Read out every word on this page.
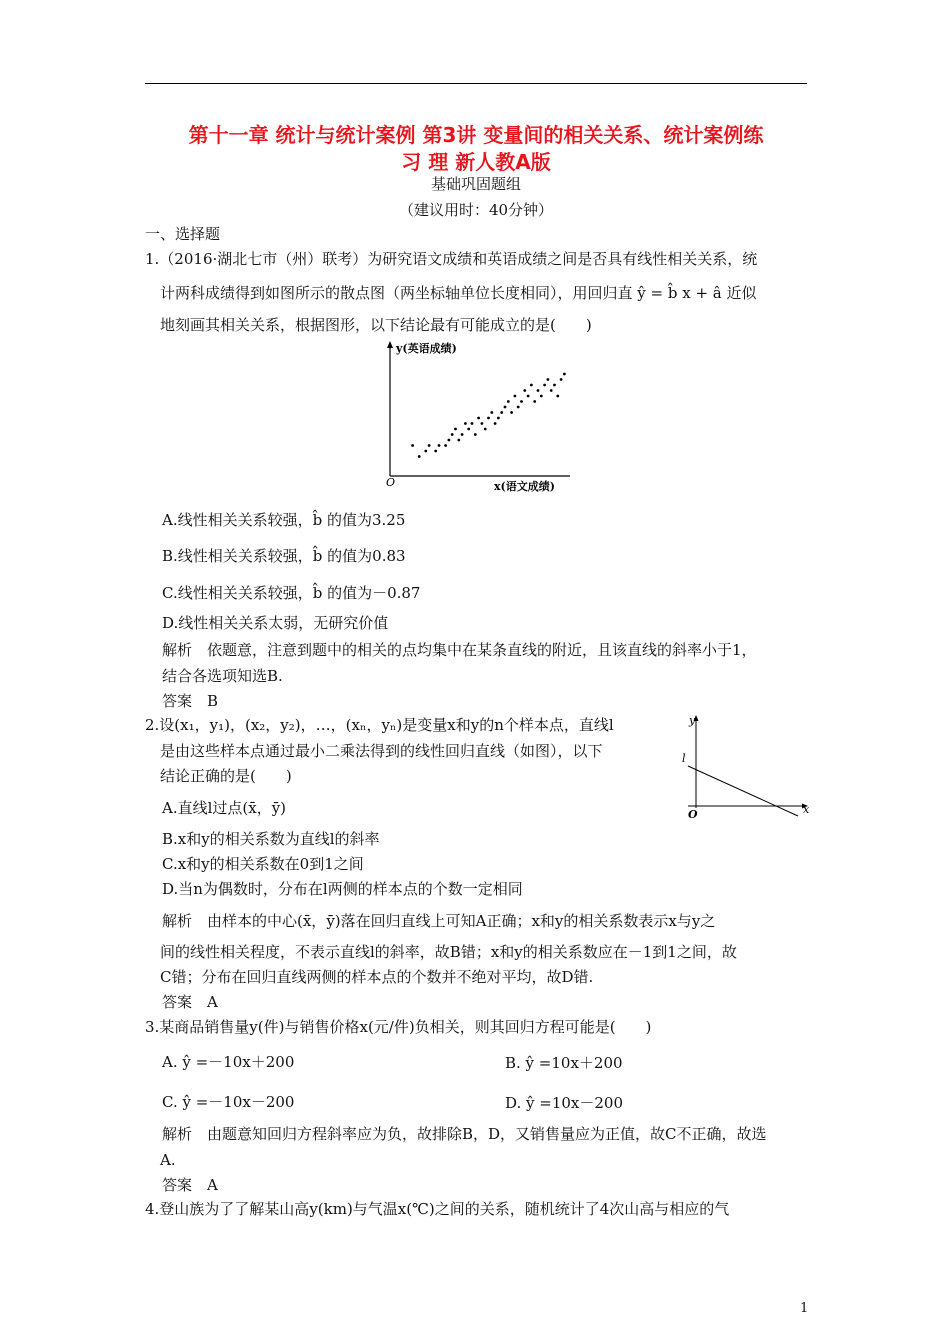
第十一章 统计与统计案例 第3讲 变量间的相关关系、统计案例练
习 理 新人教A版
基础巩固题组
（建议用时：40分钟）
一、选择题
1.（2016·湖北七市（州）联考）为研究语文成绩和英语成绩之间是否具有线性相关关系，统
计两科成绩得到如图所示的散点图（两坐标轴单位长度相同），用回归直 ŷ = b̂ x + â 近似
地刻画其相关关系，根据图形，以下结论最有可能成立的是(　　)
y(英语成绩)
O	x(语文成绩)
A.线性相关关系较强，b̂ 的值为3.25
B.线性相关关系较强，b̂ 的值为0.83
C.线性相关关系较强，b̂ 的值为－0.87
D.线性相关关系太弱，无研究价值
解析　依题意，注意到题中的相关的点均集中在某条直线的附近，且该直线的斜率小于1，
结合各选项知选B.
答案　B
2.设(x₁，y₁)，(x₂，y₂)，…，(xₙ，yₙ)是变量x和y的n个样本点，直线l
是由这些样本点通过最小二乘法得到的线性回归直线（如图），以下
结论正确的是(　　)
y
x
l
O
A.直线l过点(x̄，ȳ)
B.x和y的相关系数为直线l的斜率
C.x和y的相关系数在0到1之间
D.当n为偶数时，分布在l两侧的样本点的个数一定相同
解析　由样本的中心(x̄，ȳ)落在回归直线上可知A正确；x和y的相关系数表示x与y之
间的线性相关程度，不表示直线l的斜率，故B错；x和y的相关系数应在－1到1之间，故
C错；分布在回归直线两侧的样本点的个数并不绝对平均，故D错.
答案　A
3.某商品销售量y(件)与销售价格x(元/件)负相关，则其回归方程可能是(　　)
A. ŷ =－10x＋200	B. ŷ =10x＋200
C. ŷ =－10x－200	D. ŷ =10x－200
解析　由题意知回归方程斜率应为负，故排除B，D，又销售量应为正值，故C不正确，故选
A.
答案　A
4.登山族为了了解某山高y(km)与气温x(℃)之间的关系，随机统计了4次山高与相应的气
1
